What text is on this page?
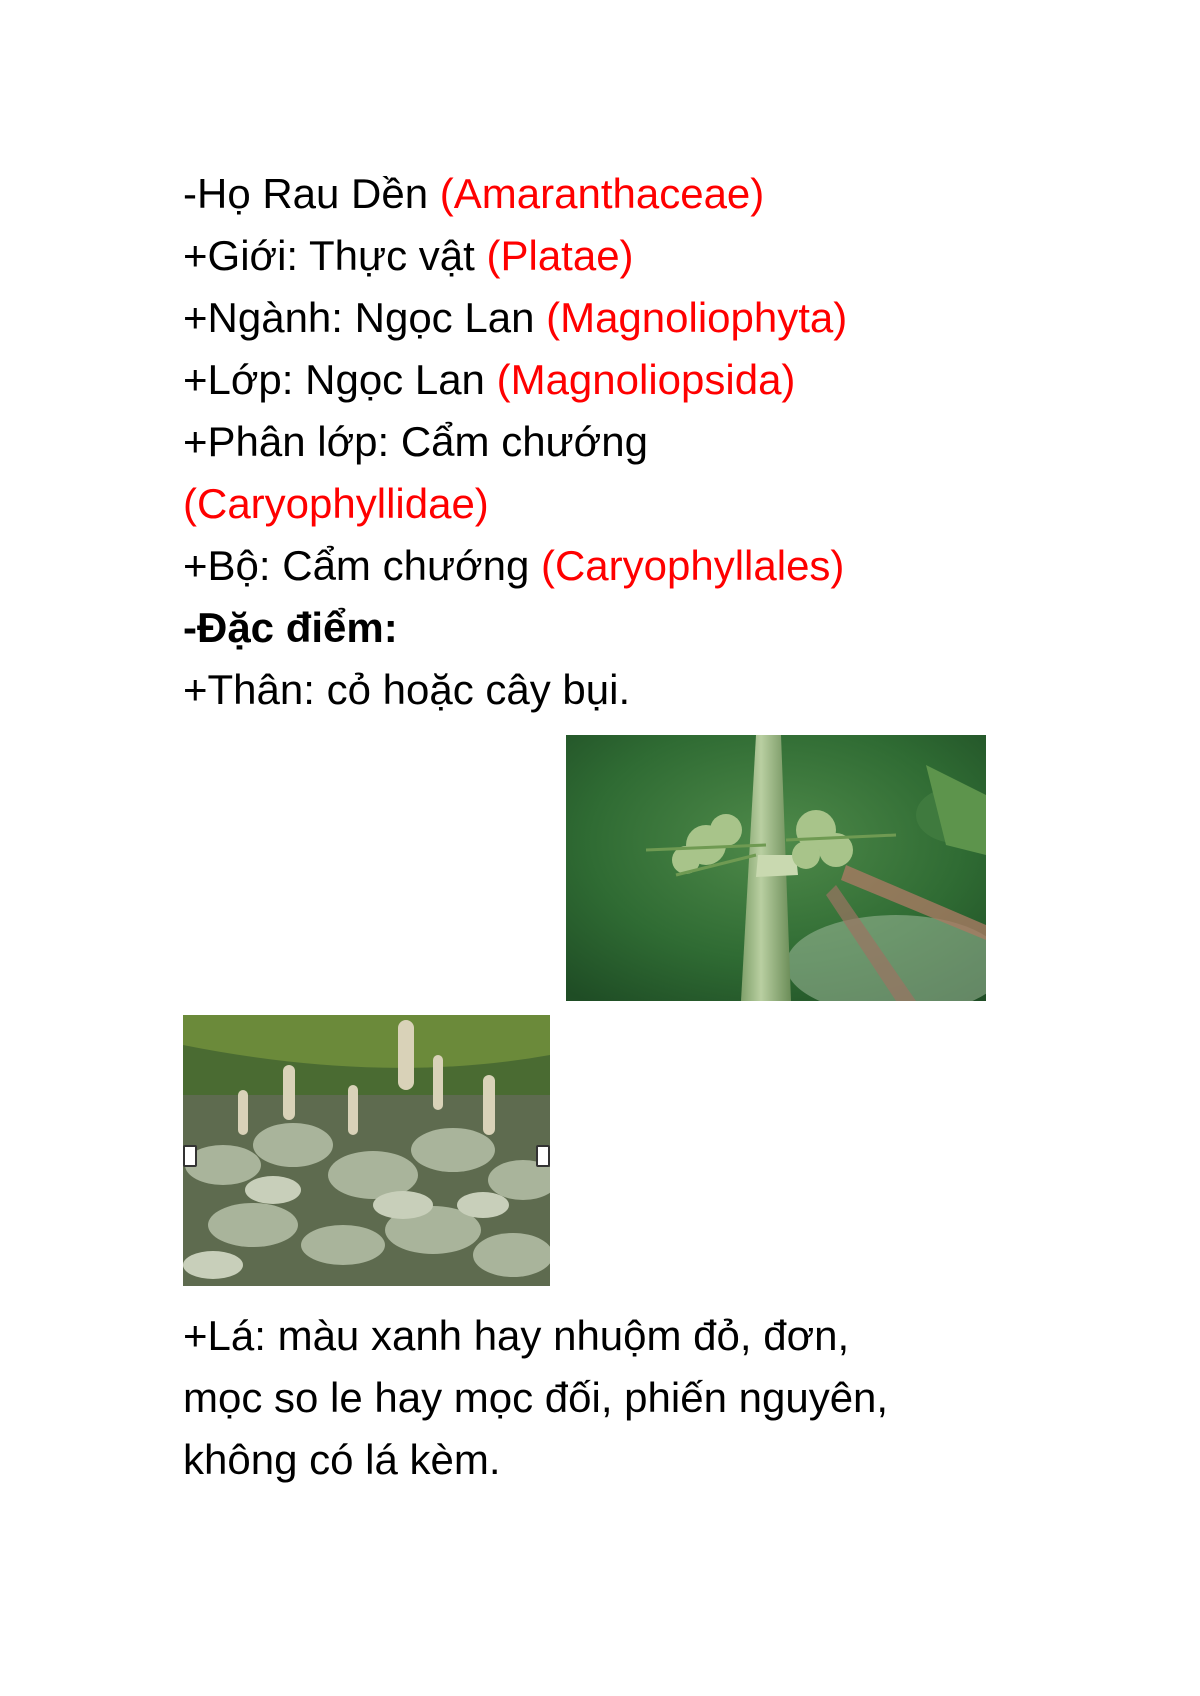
-Họ Rau Dền (Amaranthaceae)
+Giới: Thực vật (Platae)
+Ngành: Ngọc Lan (Magnoliophyta)
+Lớp: Ngọc Lan (Magnoliopsida)
+Phân lớp: Cẩm chướng
(Caryophyllidae)
+Bộ: Cẩm chướng (Caryophyllales)
-Đặc điểm:
+Thân: cỏ hoặc cây bụi.
+Lá: màu xanh hay nhuộm đỏ, đơn,
mọc so le hay mọc đối, phiến nguyên,
không có lá kèm.
